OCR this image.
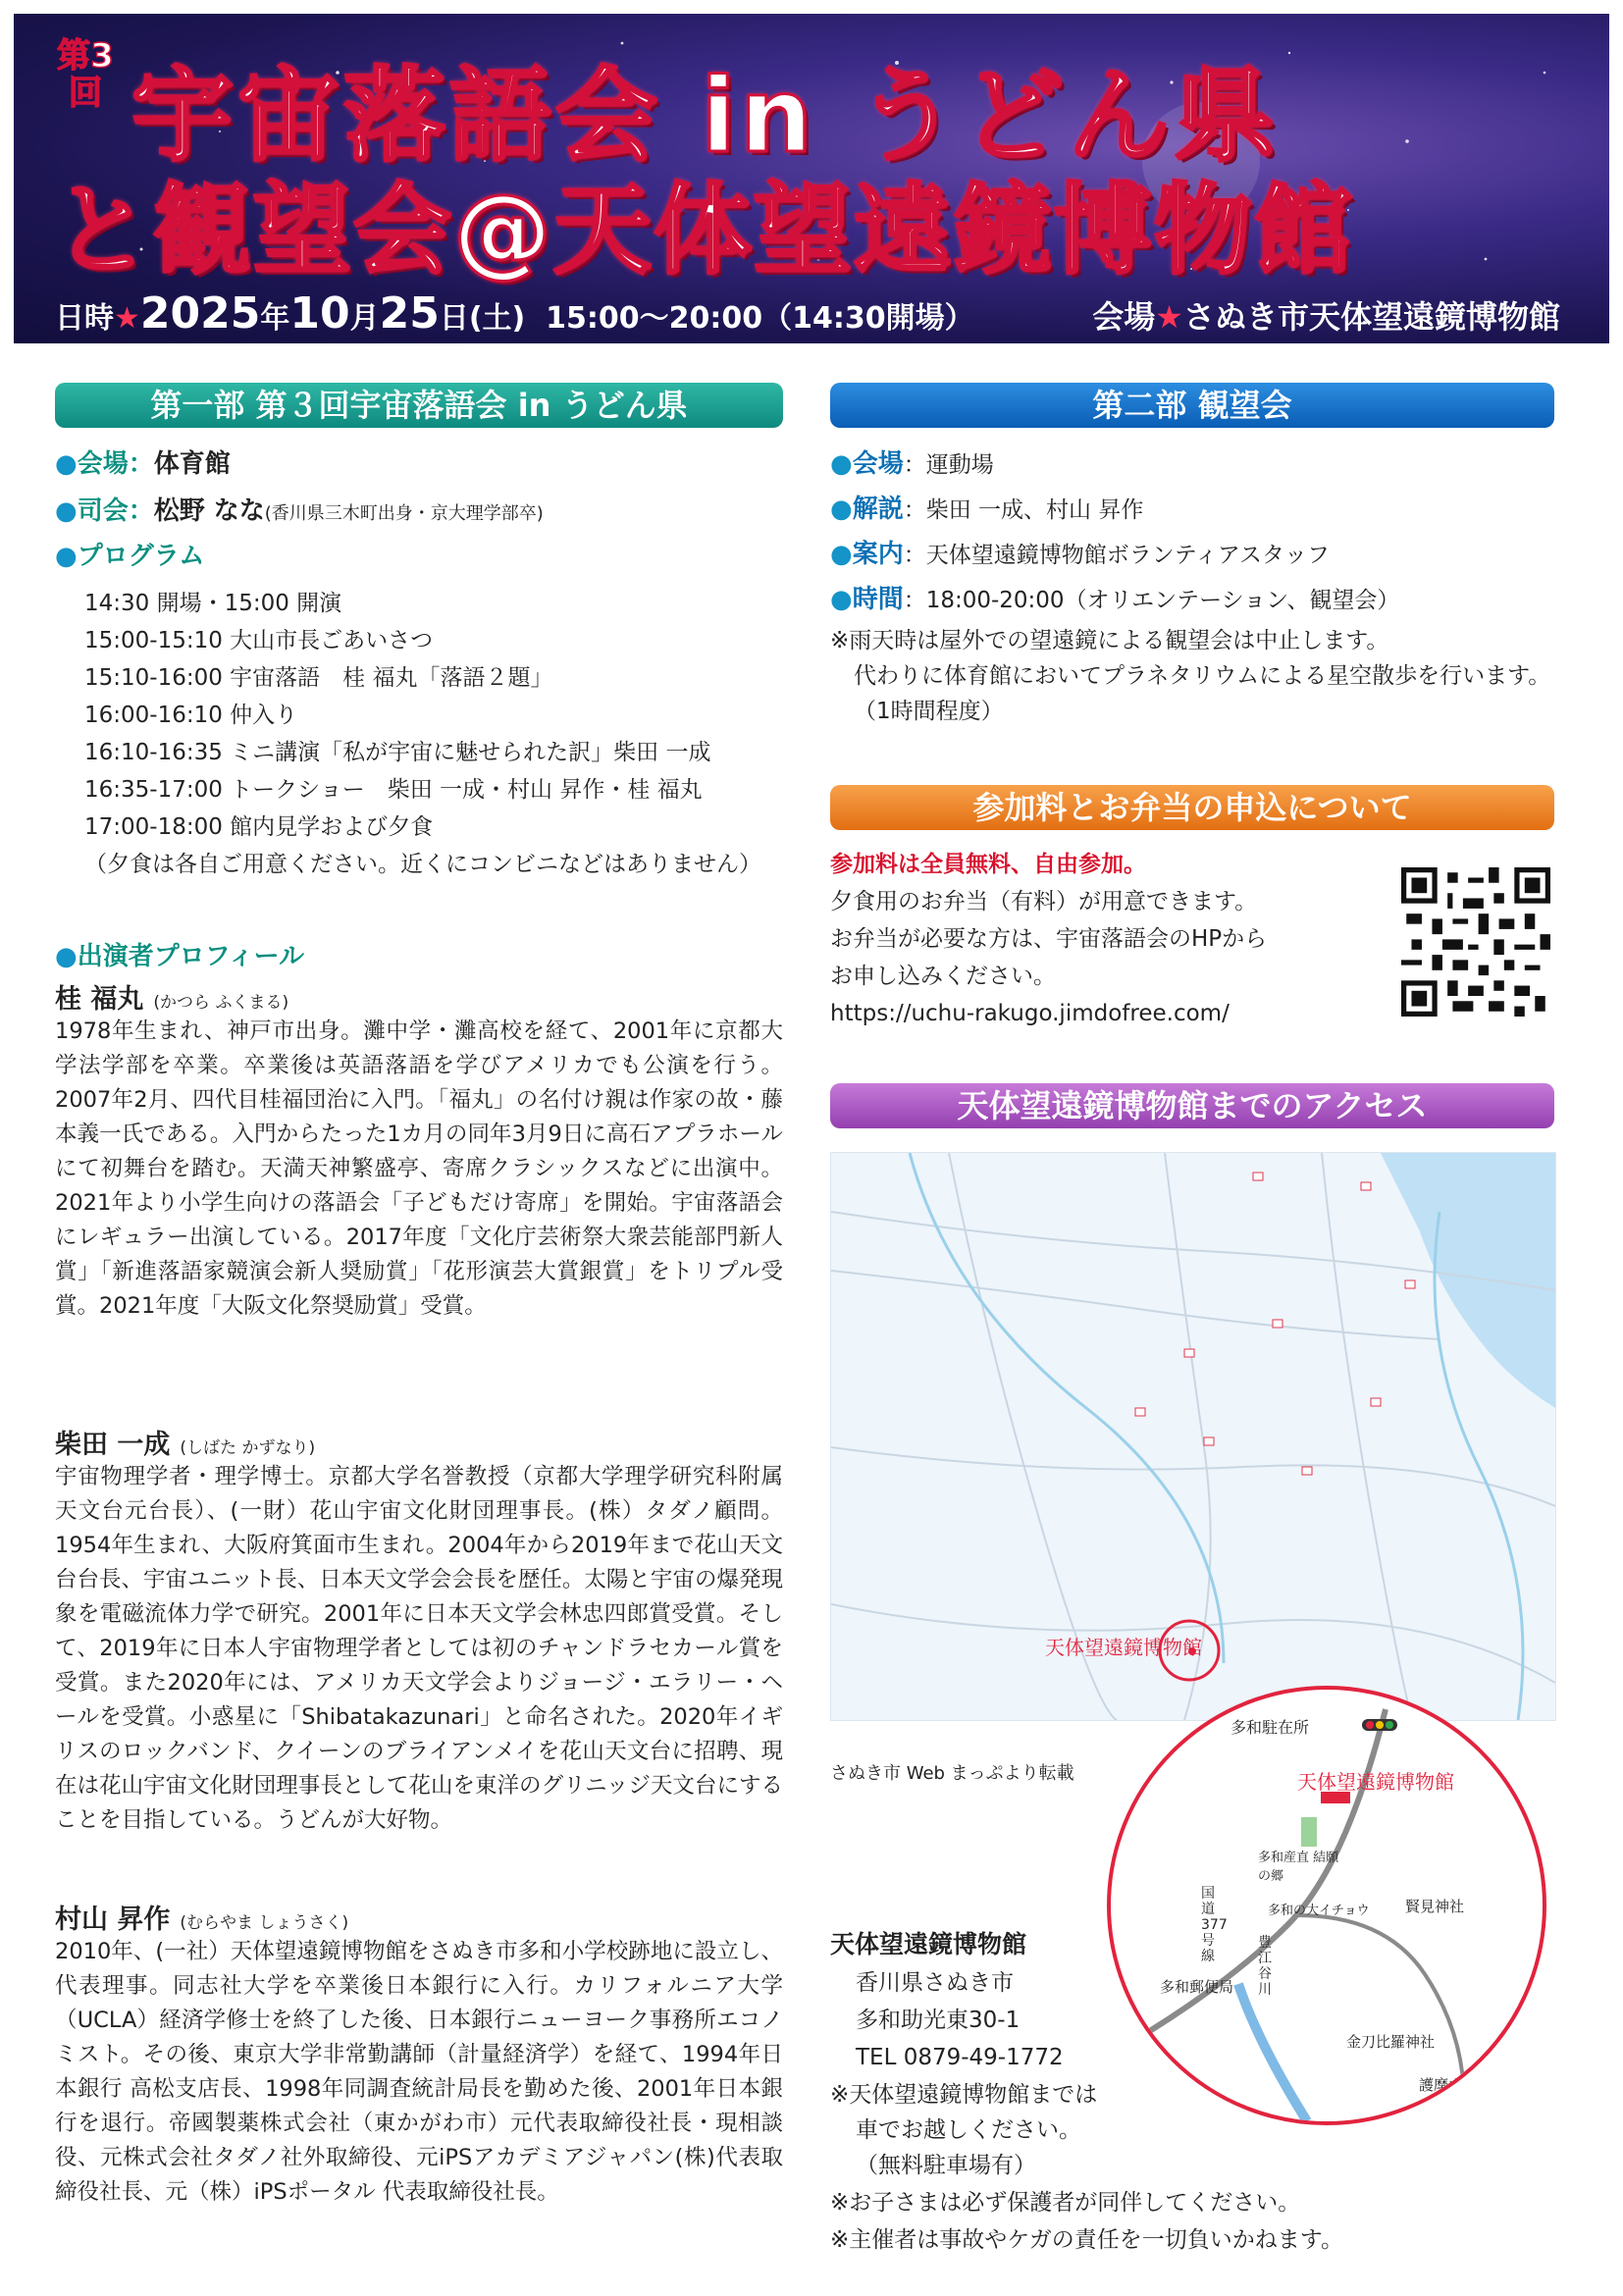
第3回 宇宙落語会 in うどん県
と観望会@天体望遠鏡博物館
日時★2025年10月25日(土) 15:00〜20:00（14:30開場）	会場★さぬき市天体望遠鏡博物館
第一部 第３回宇宙落語会 in うどん県
●会場：体育館
●司会：松野 なな(香川県三木町出身・京大理学部卒)
●プログラム
14:30 開場・15:00 開演
15:00-15:10 大山市長ごあいさつ
15:10-16:00 宇宙落語　桂 福丸「落語２題」
16:00-16:10 仲入り
16:10-16:35 ミニ講演「私が宇宙に魅せられた訳」柴田 一成
16:35-17:00 トークショー　柴田 一成・村山 昇作・桂 福丸
17:00-18:00 館内見学および夕食
（夕食は各自ご用意ください。近くにコンビニなどはありません）
●出演者プロフィール
桂 福丸 (かつら ふくまる)
1978年生まれ、神戸市出身。灘中学・灘高校を経て、2001年に京都大学法学部を卒業。卒業後は英語落語を学びアメリカでも公演を行う。2007年2月、四代目桂福団治に入門。「福丸」の名付け親は作家の故・藤本義一氏である。入門からたった1カ月の同年3月9日に高石アプラホールにて初舞台を踏む。天満天神繁盛亭、寄席クラシックスなどに出演中。2021年より小学生向けの落語会「子どもだけ寄席」を開始。宇宙落語会にレギュラー出演している。2017年度「文化庁芸術祭大衆芸能部門新人賞」「新進落語家競演会新人奨励賞」「花形演芸大賞銀賞」をトリプル受賞。2021年度「大阪文化祭奨励賞」受賞。
柴田 一成 (しばた かずなり)
宇宙物理学者・理学博士。京都大学名誉教授（京都大学理学研究科附属天文台元台長）、(一財）花山宇宙文化財団理事長。(株）タダノ顧問。1954年生まれ、大阪府箕面市生まれ。2004年から2019年まで花山天文台台長、宇宙ユニット長、日本天文学会会長を歴任。太陽と宇宙の爆発現象を電磁流体力学で研究。2001年に日本天文学会林忠四郎賞受賞。そして、2019年に日本人宇宙物理学者としては初のチャンドラセカール賞を受賞。また2020年には、アメリカ天文学会よりジョージ・エラリー・ヘールを受賞。小惑星に「Shibatakazunari」と命名された。2020年イギリスのロックバンド、クイーンのブライアンメイを花山天文台に招聘、現在は花山宇宙文化財団理事長として花山を東洋のグリニッジ天文台にすることを目指している。うどんが大好物。
村山 昇作 (むらやま しょうさく)
2010年、(一社）天体望遠鏡博物館をさぬき市多和小学校跡地に設立し、代表理事。同志社大学を卒業後日本銀行に入行。カリフォルニア大学（UCLA）経済学修士を終了した後、日本銀行ニューヨーク事務所エコノミスト。その後、東京大学非常勤講師（計量経済学）を経て、1994年日本銀行 高松支店長、1998年同調査統計局長を勤めた後、2001年日本銀行を退行。帝國製薬株式会社（東かがわ市）元代表取締役社長・現相談役、元株式会社タダノ社外取締役、元iPSアカデミアジャパン(株)代表取締役社長、元（株）iPSポータル 代表取締役社長。
第二部 観望会
●会場：運動場
●解説：柴田 一成、村山 昇作
●案内：天体望遠鏡博物館ボランティアスタッフ
●時間：18:00-20:00（オリエンテーション、観望会）
※雨天時は屋外での望遠鏡による観望会は中止します。
代わりに体育館においてプラネタリウムによる星空散歩を行います。
（1時間程度）
参加料とお弁当の申込について
参加料は全員無料、自由参加。
夕食用のお弁当（有料）が用意できます。
お弁当が必要な方は、宇宙落語会のHPから
お申し込みください。
https://uchu-rakugo.jimdofree.com/
天体望遠鏡博物館までのアクセス
天体望遠鏡博物館
さぬき市 Web まっぷより転載
多和駐在所
天体望遠鏡博物館
多和産直 結願の郷
多和の大イチョウ 賢見神社
国道377号線
豊江谷川
多和郵便局
金刀比羅神社
護摩山
天体望遠鏡博物館
香川県さぬき市
多和助光東30-1
TEL 0879-49-1772
※天体望遠鏡博物館までは
車でお越しください。
（無料駐車場有）
※お子さまは必ず保護者が同伴してください。
※主催者は事故やケガの責任を一切負いかねます。
